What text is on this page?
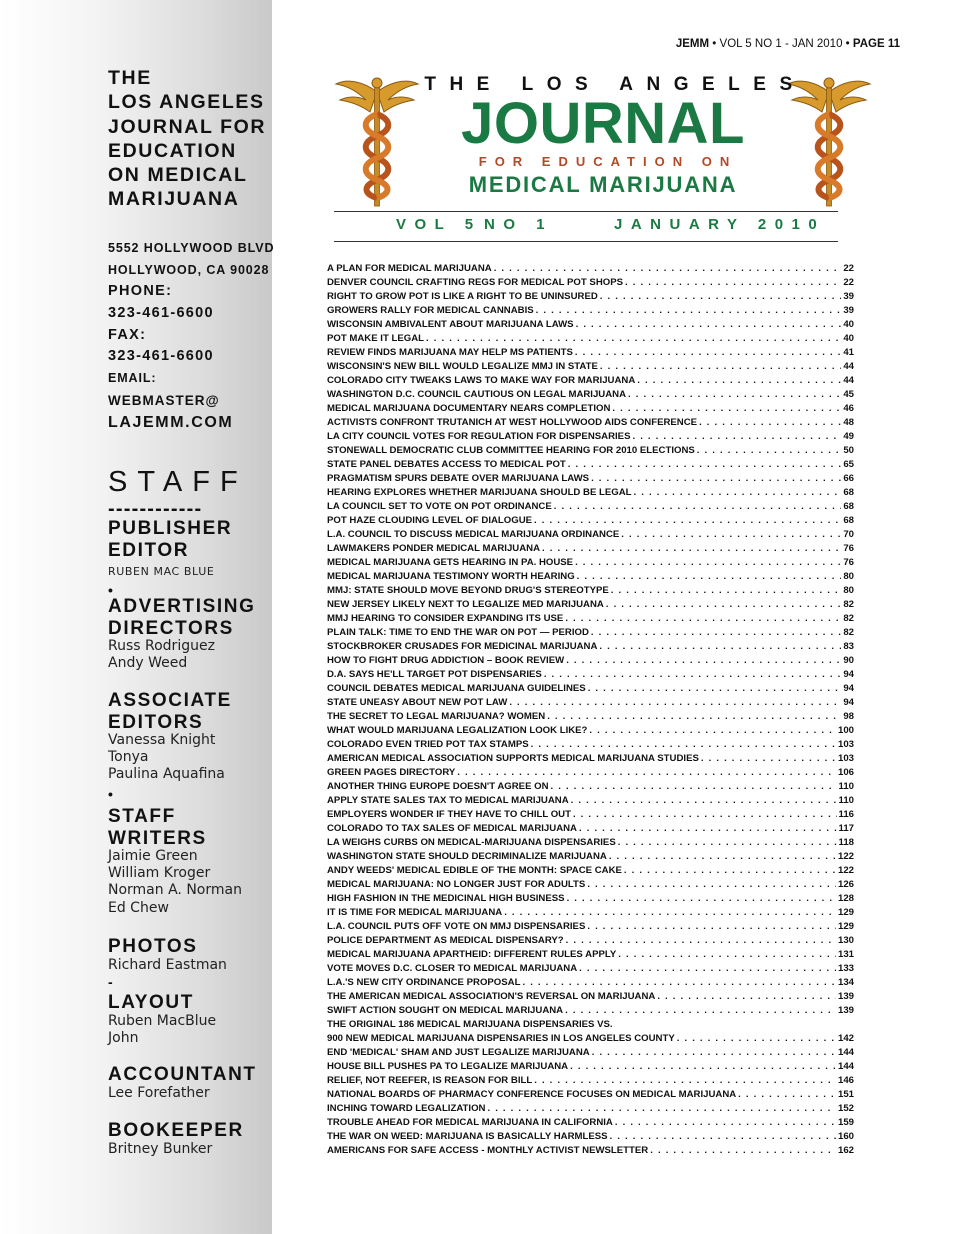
THE
LOS ANGELES
JOURNAL FOR
EDUCATION
ON MEDICAL
MARIJUANA
5552 HOLLYWOOD BLVD
HOLLYWOOD, CA 90028
PHONE:
323-461-6600
FAX:
323-461-6600
EMAIL:
WEBMASTER@
LAJEMM.COM
STAFF
------------
PUBLISHER
EDITOR
RUBEN MAC BLUE
•
ADVERTISING
DIRECTORS
Russ Rodriguez
Andy Weed
ASSOCIATE
EDITORS
Vanessa Knight
Tonya
Paulina Aquafina
•
STAFF
WRITERS
Jaimie Green
William Kroger
Norman A. Norman
Ed Chew
PHOTOS
Richard Eastman
-
LAYOUT
Ruben MacBlue
John
ACCOUNTANT
Lee Forefather
BOOKEEPER
Britney Bunker
JEMM • VOL 5 NO 1 - JAN 2010 • PAGE 11
THE LOS ANGELES
JOURNAL
FOR EDUCATION ON
MEDICAL MARIJUANA
VOL 5 NO 1	JANUARY 2010
A PLAN FOR MEDICAL MARIJUANA . . .	22
DENVER COUNCIL CRAFTING REGS FOR MEDICAL POT SHOPS . . .	22
RIGHT TO GROW POT IS LIKE A RIGHT TO BE UNINSURED . . .	39
GROWERS RALLY FOR MEDICAL CANNABIS . . .	39
WISCONSIN AMBIVALENT ABOUT MARIJUANA LAWS . . .	40
POT MAKE IT LEGAL . . .	40
REVIEW FINDS MARIJUANA MAY HELP MS PATIENTS . . .	41
WISCONSIN'S NEW BILL WOULD LEGALIZE MMJ IN STATE . . .	44
COLORADO CITY TWEAKS LAWS TO MAKE WAY FOR MARIJUANA . . .	44
WASHINGTON D.C. COUNCIL CAUTIOUS ON LEGAL MARIJUANA . . .	45
MEDICAL MARIJUANA DOCUMENTARY NEARS COMPLETION . . .	46
ACTIVISTS CONFRONT TRUTANICH AT WEST HOLLYWOOD AIDS CONFERENCE . . .	48
LA CITY COUNCIL VOTES FOR REGULATION FOR DISPENSARIES . . .	49
STONEWALL DEMOCRATIC CLUB COMMITTEE HEARING FOR 2010 ELECTIONS . . .	50
STATE PANEL DEBATES ACCESS TO MEDICAL POT . . .	65
PRAGMATISM SPURS DEBATE OVER MARIJUANA LAWS . . .	66
HEARING EXPLORES WHETHER MARIJUANA SHOULD BE LEGAL . . .	68
LA COUNCIL SET TO VOTE ON POT ORDINANCE . . .	68
POT HAZE CLOUDING LEVEL OF DIALOGUE . . .	68
L.A. COUNCIL TO DISCUSS MEDICAL MARIJUANA ORDINANCE . . .	70
LAWMAKERS PONDER MEDICAL MARIJUANA . . .	76
MEDICAL MARIJUANA GETS HEARING IN PA. HOUSE . . .	76
MEDICAL MARIJUANA TESTIMONY WORTH HEARING . . .	80
MMJ: STATE SHOULD MOVE BEYOND DRUG'S STEREOTYPE . . .	80
NEW JERSEY LIKELY NEXT TO LEGALIZE MED MARIJUANA . . .	82
MMJ HEARING TO CONSIDER EXPANDING ITS USE . . .	82
PLAIN TALK: TIME TO END THE WAR ON POT — PERIOD . . .	82
STOCKBROKER CRUSADES FOR MEDICINAL MARIJUANA . . .	83
HOW TO FIGHT DRUG ADDICTION – BOOK REVIEW . . .	90
D.A. SAYS HE'LL TARGET POT DISPENSARIES . . .	94
COUNCIL DEBATES MEDICAL MARIJUANA GUIDELINES . . .	94
STATE UNEASY ABOUT NEW POT LAW . . .	94
THE SECRET TO LEGAL MARIJUANA? WOMEN . . .	98
WHAT WOULD MARIJUANA LEGALIZATION LOOK LIKE? . . .	100
COLORADO EVEN TRIED POT TAX STAMPS . . .	103
AMERICAN MEDICAL ASSOCIATION SUPPORTS MEDICAL MARIJUANA STUDIES . . .	103
GREEN PAGES DIRECTORY . . .	106
ANOTHER THING EUROPE DOESN'T AGREE ON . . .	110
APPLY STATE SALES TAX TO MEDICAL MARIJUANA . . .	110
EMPLOYERS WONDER IF THEY HAVE TO CHILL OUT . . .	116
COLORADO TO TAX SALES OF MEDICAL MARIJUANA . . .	117
LA WEIGHS CURBS ON MEDICAL-MARIJUANA DISPENSARIES . . .	118
WASHINGTON STATE SHOULD DECRIMINALIZE MARIJUANA . . .	122
ANDY WEEDS' MEDICAL EDIBLE OF THE MONTH: SPACE CAKE . . .	122
MEDICAL MARIJUANA: NO LONGER JUST FOR ADULTS . . .	126
HIGH FASHION IN THE MEDICINAL HIGH BUSINESS . . .	128
IT IS TIME FOR MEDICAL MARIJUANA . . .	129
L.A. COUNCIL PUTS OFF VOTE ON MMJ DISPENSARIES . . .	129
POLICE DEPARTMENT AS MEDICAL DISPENSARY? . . .	130
MEDICAL MARIJUANA APARTHEID: DIFFERENT RULES APPLY . . .	131
VOTE MOVES D.C. CLOSER TO MEDICAL MARIJUANA . . .	133
L.A.'S NEW CITY ORDINANCE PROPOSAL . . .	134
THE AMERICAN MEDICAL ASSOCIATION'S REVERSAL ON MARIJUANA . . .	139
SWIFT ACTION SOUGHT ON MEDICAL MARIJUANA . . .	139
THE ORIGINAL 186 MEDICAL MARIJUANA DISPENSARIES VS.
900 NEW MEDICAL MARIJUANA DISPENSARIES IN LOS ANGELES COUNTY . . .	142
END 'MEDICAL' SHAM AND JUST LEGALIZE MARIJUANA . . .	144
HOUSE BILL PUSHES PA TO LEGALIZE MARIJUANA . . .	144
RELIEF, NOT REEFER, IS REASON FOR BILL . . .	146
NATIONAL BOARDS OF PHARMACY CONFERENCE FOCUSES ON MEDICAL MARIJUANA . . .	151
INCHING TOWARD LEGALIZATION . . .	152
TROUBLE AHEAD FOR MEDICAL MARIJUANA IN CALIFORNIA . . .	159
THE WAR ON WEED: MARIJUANA IS BASICALLY HARMLESS . . .	160
AMERICANS FOR SAFE ACCESS - MONTHLY ACTIVIST NEWSLETTER . . .	162
